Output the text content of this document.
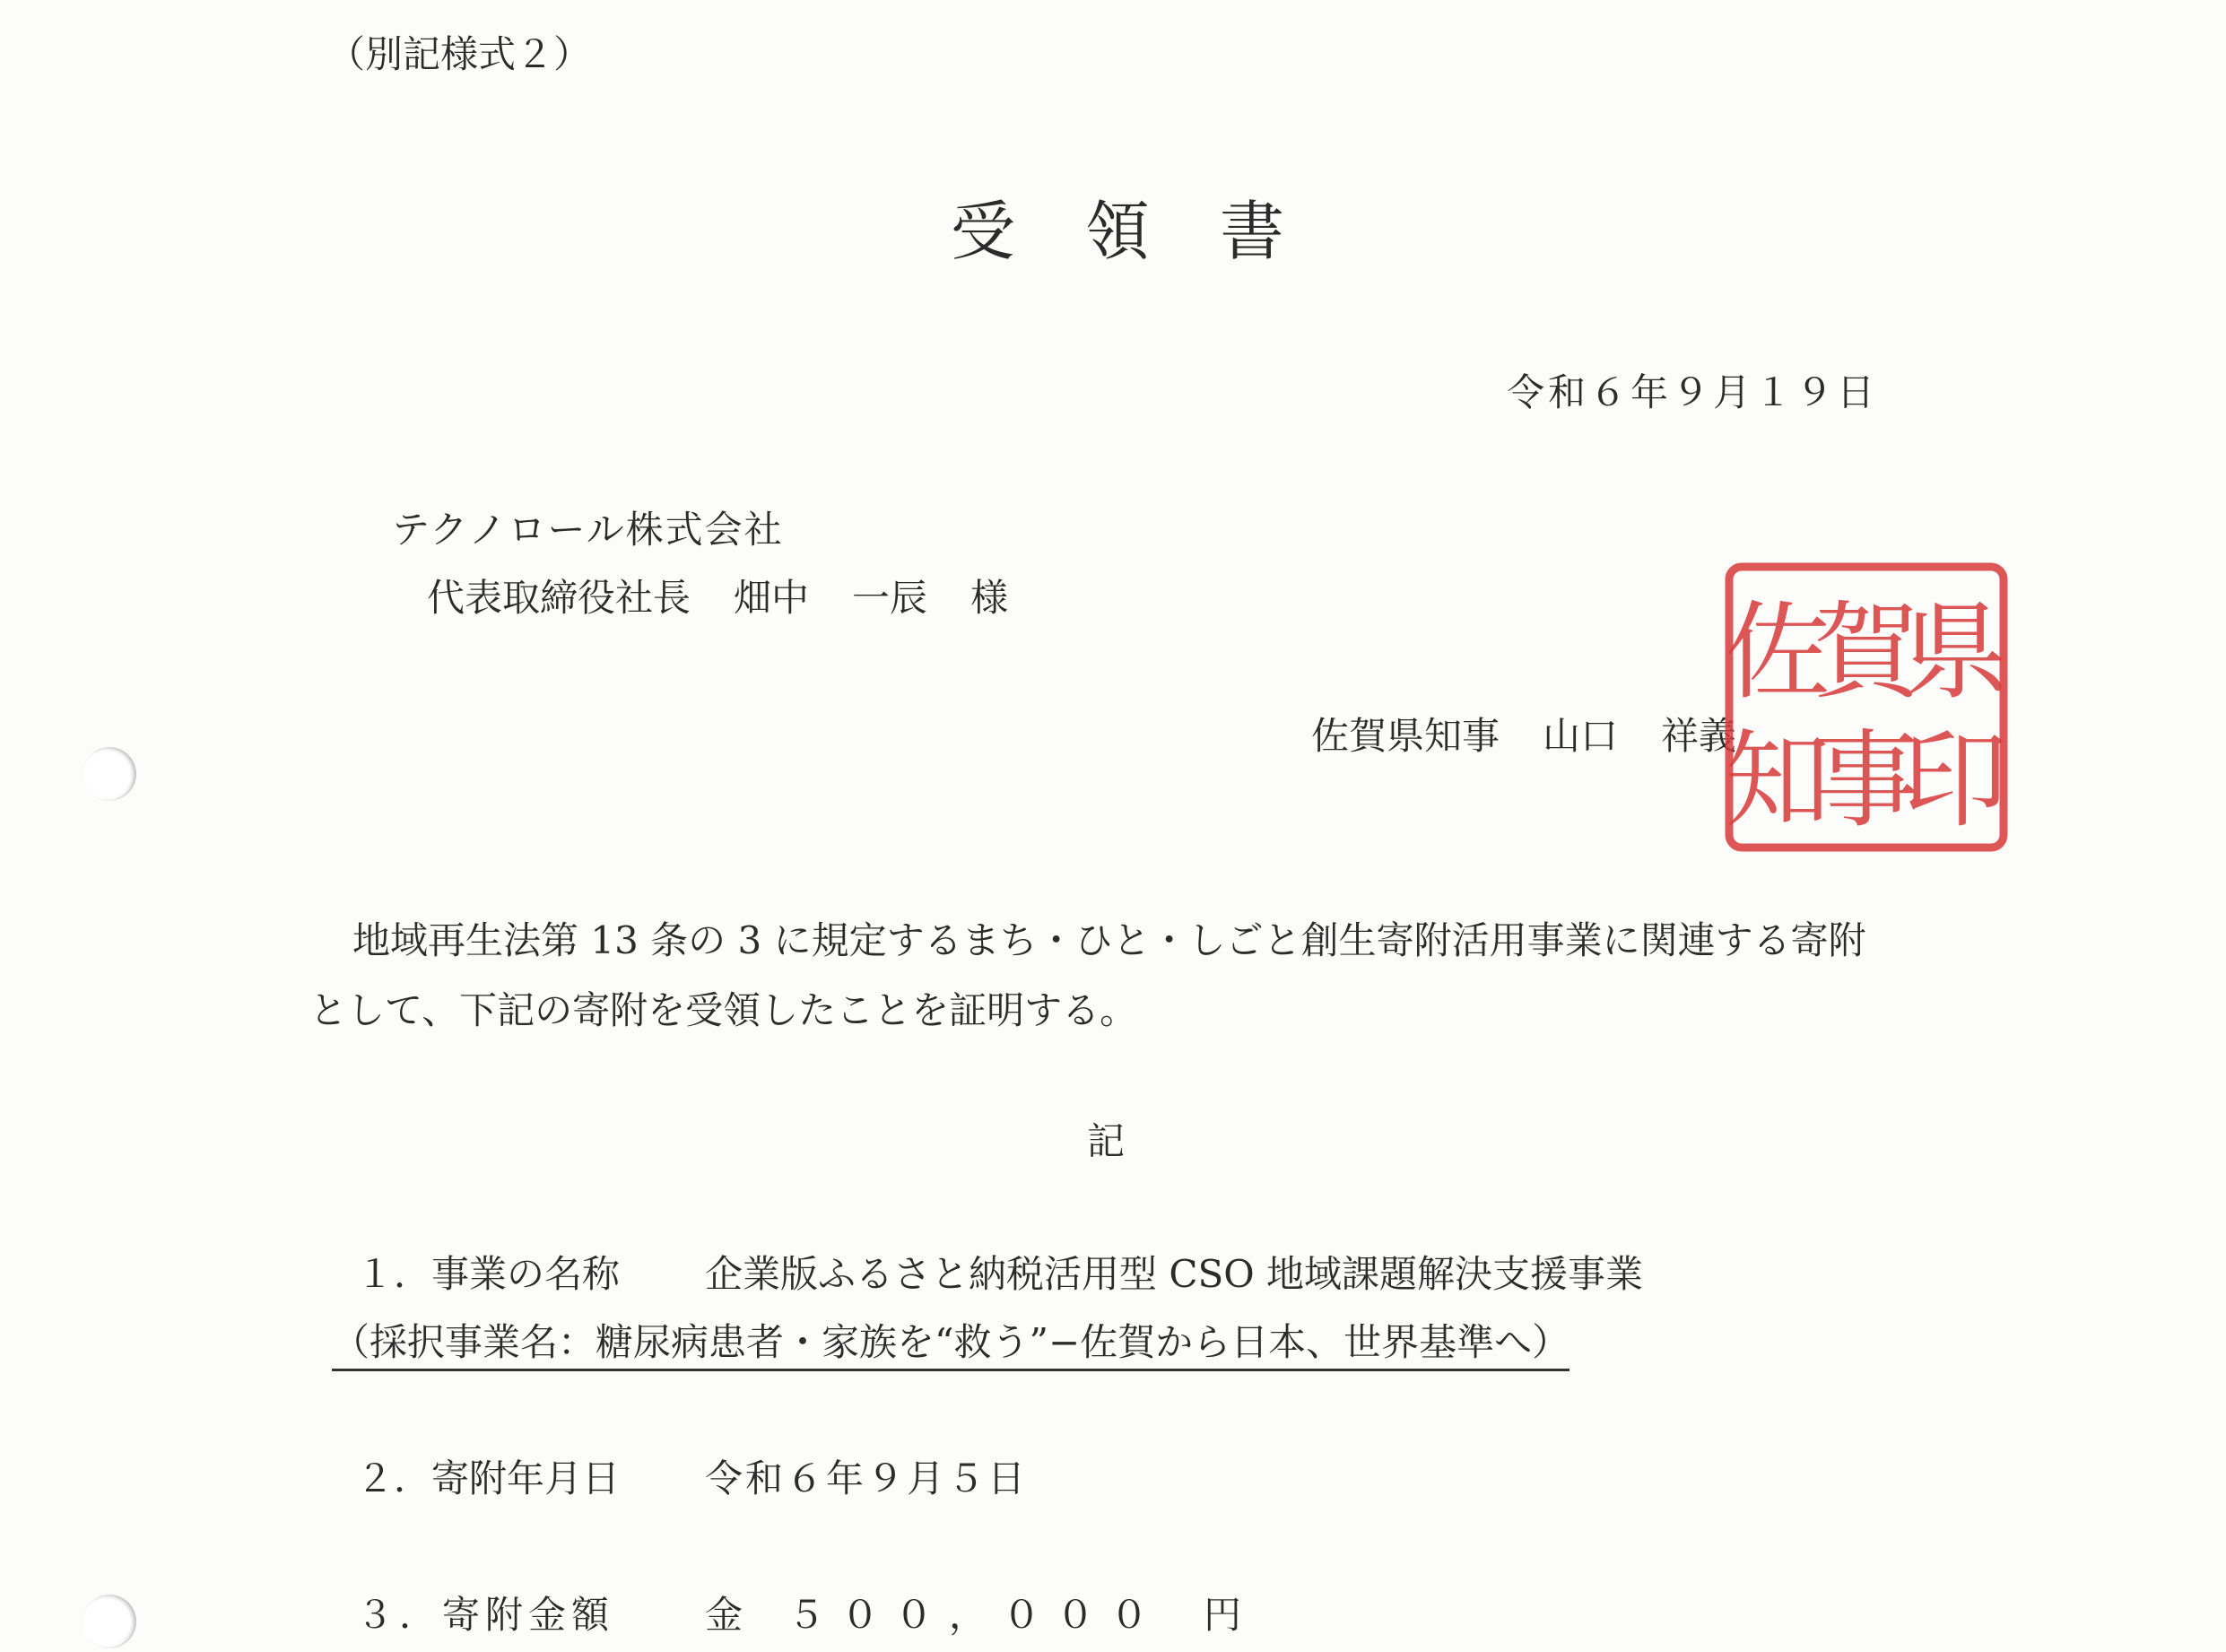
（別記様式２）
受 領 書
令和６年９月１９日
テクノロール株式会社
代表取締役社長 畑中 一辰 様
佐賀県知事 山口 祥義
県
賀
佐
印
事
知

地域再生法第 13 条の 3 に規定するまち・ひと・しごと創生寄附活用事業に関連する寄附として、下記の寄附を受領したことを証明する。

記
１．事業の名称 企業版ふるさと納税活用型 CSO 地域課題解決支援事業
（採択事業名：糖尿病患者・家族を“救う”−佐賀から日本、世界基準へ）
２．寄附年月日 令和６年９月５日
３．寄附金額 金 ５００，０００ 円
